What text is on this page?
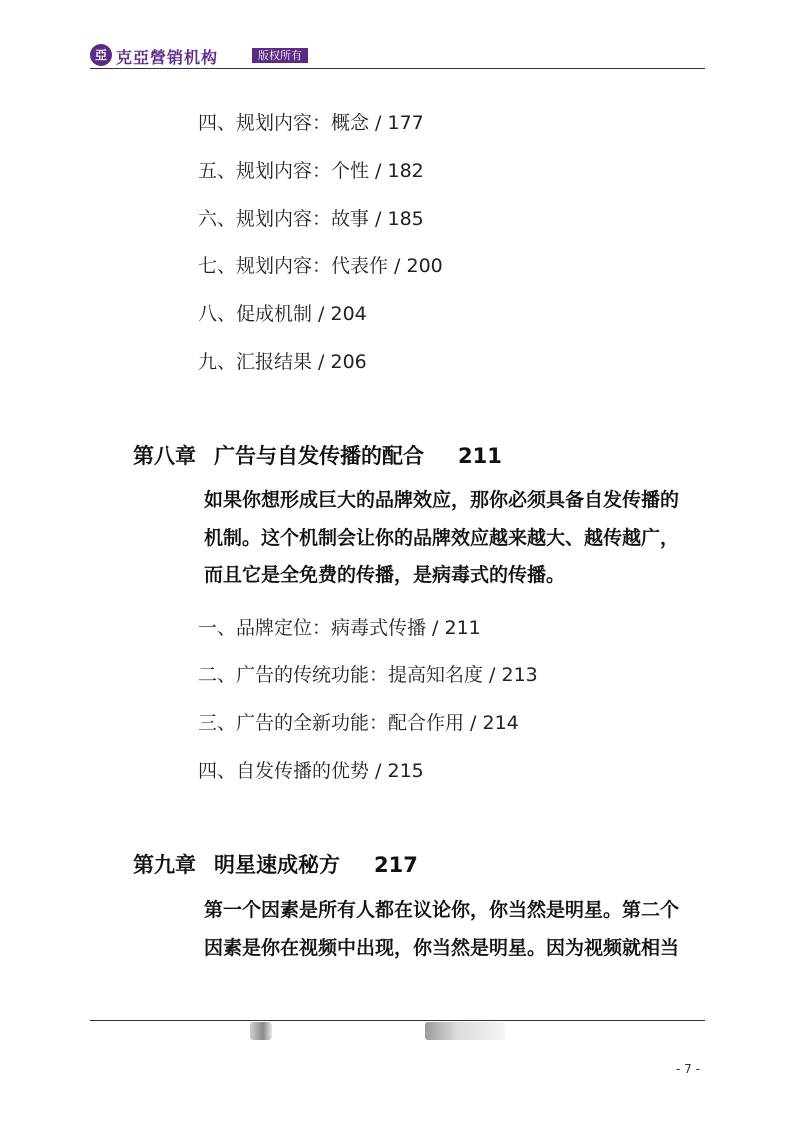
亞 克亞營销机构	版权所有
四、规划内容：概念 / 177
五、规划内容：个性 / 182
六、规划内容：故事 / 185
七、规划内容：代表作 / 200
八、促成机制 / 204
九、汇报结果 / 206
第八章 广告与自发传播的配合 211
如果你想形成巨大的品牌效应，那你必须具备自发传播的
机制。这个机制会让你的品牌效应越来越大、越传越广，
而且它是全免费的传播，是病毒式的传播。
一、品牌定位：病毒式传播 / 211
二、广告的传统功能：提高知名度 / 213
三、广告的全新功能：配合作用 / 214
四、自发传播的优势 / 215
第九章 明星速成秘方 217
第一个因素是所有人都在议论你，你当然是明星。第二个
因素是你在视频中出现，你当然是明星。因为视频就相当
- 7 -
